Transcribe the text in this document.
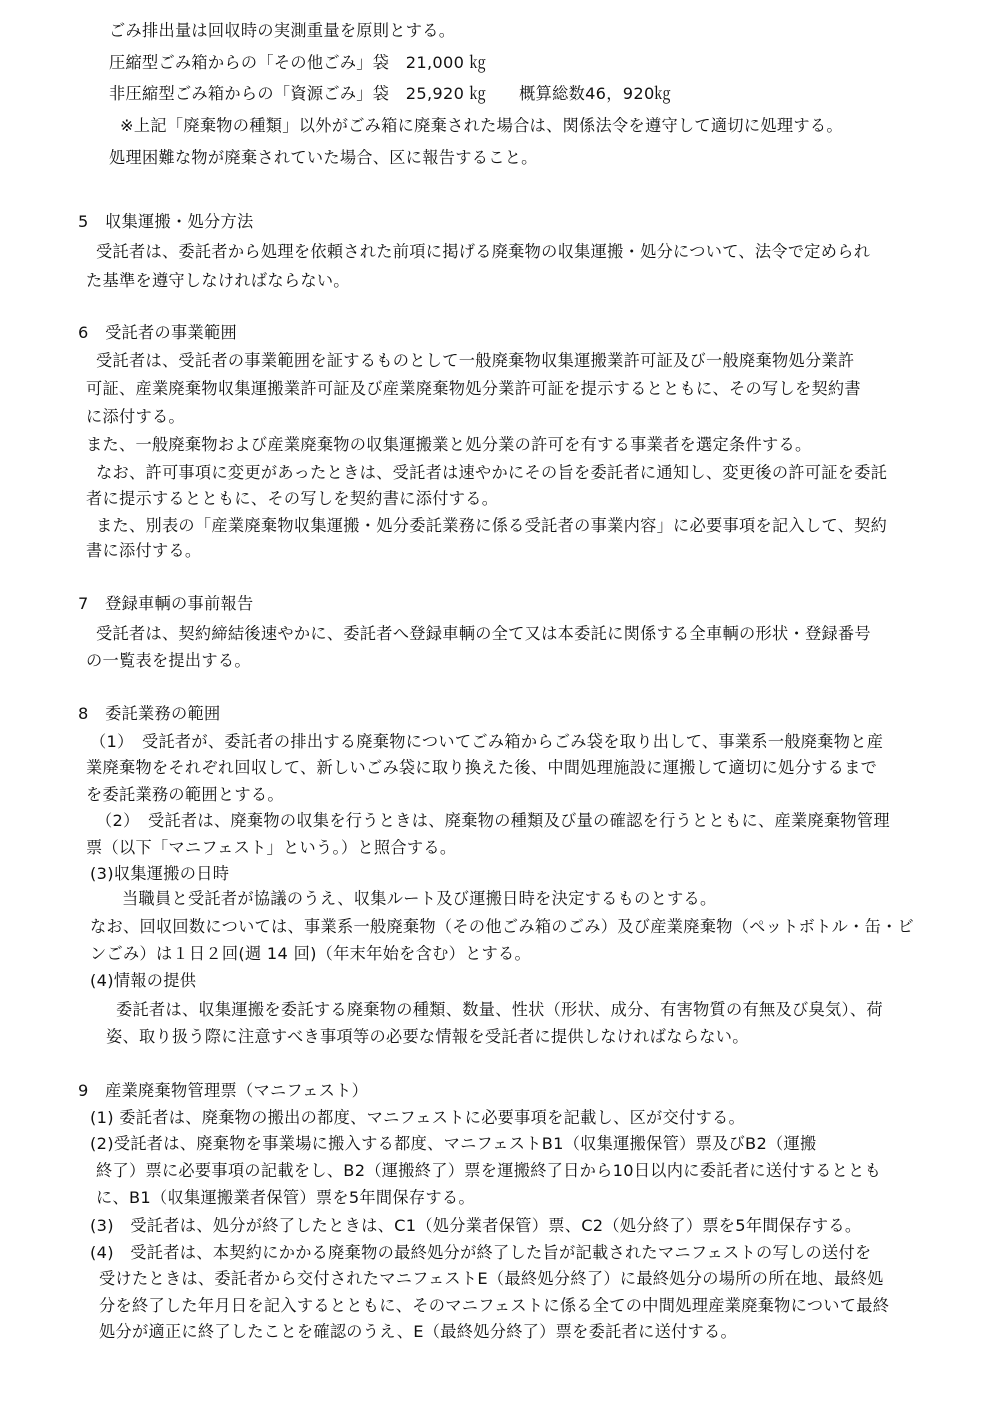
ごみ排出量は回収時の実測重量を原則とする。
圧縮型ごみ箱からの「その他ごみ」袋　21,000 ㎏
非圧縮型ごみ箱からの「資源ごみ」袋　25,920 ㎏　　概算総数46，920㎏
※上記「廃棄物の種類」以外がごみ箱に廃棄された場合は、関係法令を遵守して適切に処理する。
処理困難な物が廃棄されていた場合、区に報告すること。
5　収集運搬・処分方法
受託者は、委託者から処理を依頼された前項に掲げる廃棄物の収集運搬・処分について、法令で定められ
た基準を遵守しなければならない。
6　受託者の事業範囲
受託者は、受託者の事業範囲を証するものとして一般廃棄物収集運搬業許可証及び一般廃棄物処分業許
可証、産業廃棄物収集運搬業許可証及び産業廃棄物処分業許可証を提示するとともに、その写しを契約書
に添付する。
また、一般廃棄物および産業廃棄物の収集運搬業と処分業の許可を有する事業者を選定条件する。
なお、許可事項に変更があったときは、受託者は速やかにその旨を委託者に通知し、変更後の許可証を委託
者に提示するとともに、その写しを契約書に添付する。
また、別表の「産業廃棄物収集運搬・処分委託業務に係る受託者の事業内容」に必要事項を記入して、契約
書に添付する。
7　登録車輌の事前報告
受託者は、契約締結後速やかに、委託者へ登録車輌の全て又は本委託に関係する全車輌の形状・登録番号
の一覧表を提出する。
8　委託業務の範囲
（1）　受託者が、委託者の排出する廃棄物についてごみ箱からごみ袋を取り出して、事業系一般廃棄物と産
業廃棄物をそれぞれ回収して、新しいごみ袋に取り換えた後、中間処理施設に運搬して適切に処分するまで
を委託業務の範囲とする。
（2）　受託者は、廃棄物の収集を行うときは、廃棄物の種類及び量の確認を行うとともに、産業廃棄物管理
票（以下「マニフェスト」という。）と照合する。
(3)収集運搬の日時
当職員と受託者が協議のうえ、収集ルート及び運搬日時を決定するものとする。
なお、回収回数については、事業系一般廃棄物（その他ごみ箱のごみ）及び産業廃棄物（ペットボトル・缶・ビ
ンごみ）は１日２回(週 14 回)（年末年始を含む）とする。
(4)情報の提供
委託者は、収集運搬を委託する廃棄物の種類、数量、性状（形状、成分、有害物質の有無及び臭気）、荷
姿、取り扱う際に注意すべき事項等の必要な情報を受託者に提供しなければならない。
9　産業廃棄物管理票（マニフェスト）
(1) 委託者は、廃棄物の搬出の都度、マニフェストに必要事項を記載し、区が交付する。
(2)受託者は、廃棄物を事業場に搬入する都度、マニフェストB1（収集運搬保管）票及びB2（運搬
終了）票に必要事項の記載をし、B2（運搬終了）票を運搬終了日から10日以内に委託者に送付するととも
に、B1（収集運搬業者保管）票を5年間保存する。
(3)　受託者は、処分が終了したときは、C1（処分業者保管）票、C2（処分終了）票を5年間保存する。
(4)　受託者は、本契約にかかる廃棄物の最終処分が終了した旨が記載されたマニフェストの写しの送付を
受けたときは、委託者から交付されたマニフェストE（最終処分終了）に最終処分の場所の所在地、最終処
分を終了した年月日を記入するとともに、そのマニフェストに係る全ての中間処理産業廃棄物について最終
処分が適正に終了したことを確認のうえ、E（最終処分終了）票を委託者に送付する。
